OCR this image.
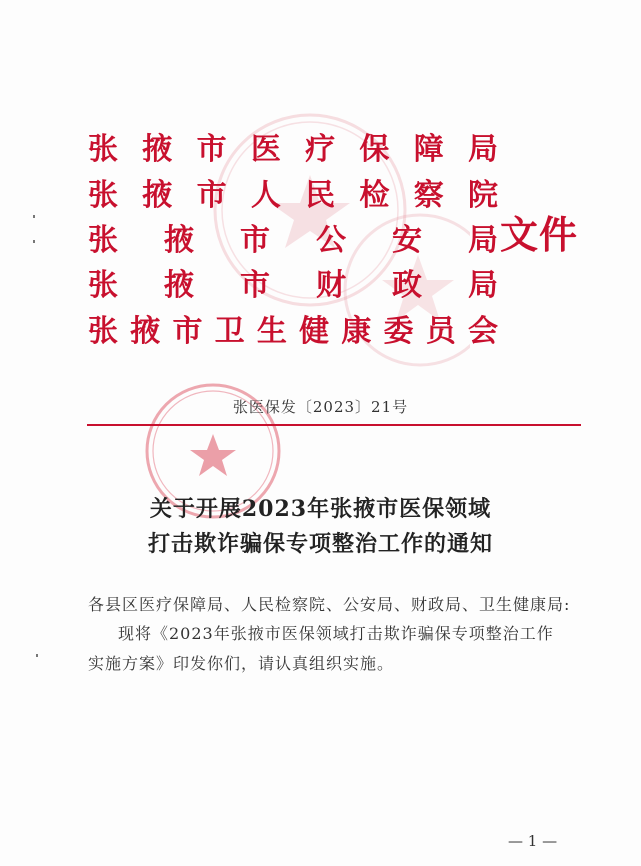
张 掖 市 医 疗 保 障 局
张 掖 市 人 民 检 察 院
张 掖 市 公 安 局
张 掖 市 财 政 局
张 掖 市 卫 生 健 康 委 员 会
文件
张医保发〔2023〕21号
关于开展2023年张掖市医保领域
打击欺诈骗保专项整治工作的通知
各县区医疗保障局、人民检察院、公安局、财政局、卫生健康局:
现将《2023年张掖市医保领域打击欺诈骗保专项整治工作
实施方案》印发你们，请认真组织实施。
— 1 —
